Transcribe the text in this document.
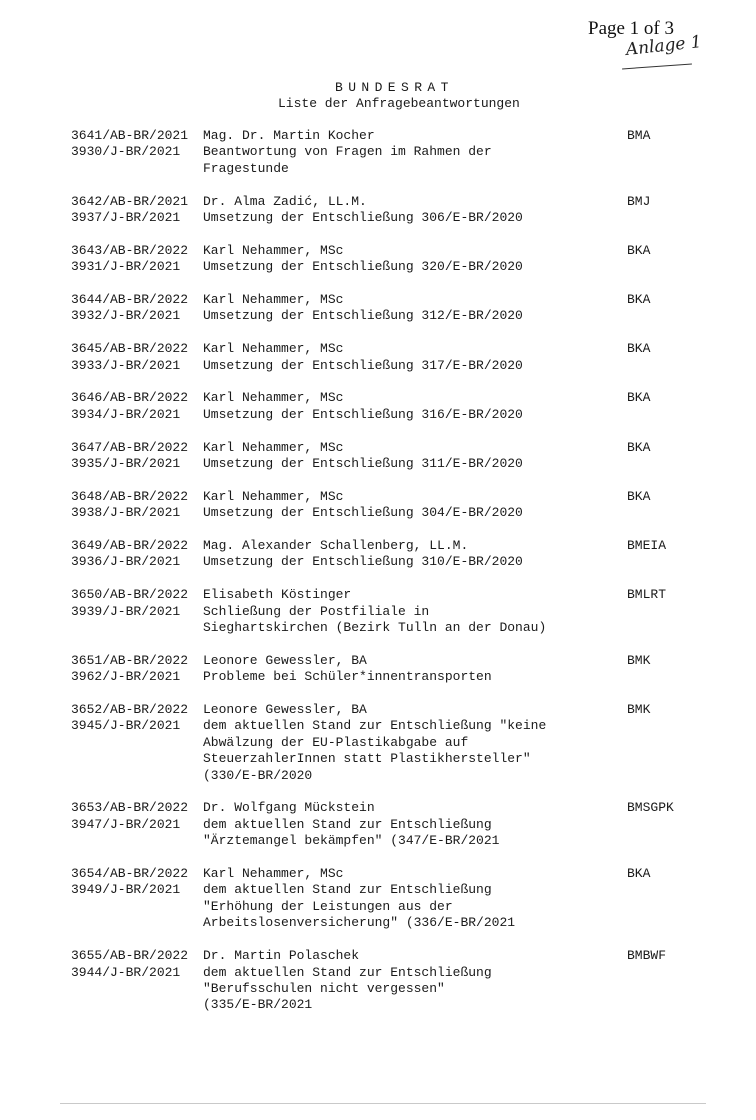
Page 1 of 3
Anlage 1
BUNDESRAT
Liste der Anfragebeantwortungen
3641/AB-BR/2021
3930/J-BR/2021
Mag. Dr. Martin Kocher
Beantwortung von Fragen im Rahmen der
Fragestunde
BMA
3642/AB-BR/2021
3937/J-BR/2021
Dr. Alma Zadić, LL.M.
Umsetzung der Entschließung 306/E-BR/2020
BMJ
3643/AB-BR/2022
3931/J-BR/2021
Karl Nehammer, MSc
Umsetzung der Entschließung 320/E-BR/2020
BKA
3644/AB-BR/2022
3932/J-BR/2021
Karl Nehammer, MSc
Umsetzung der Entschließung 312/E-BR/2020
BKA
3645/AB-BR/2022
3933/J-BR/2021
Karl Nehammer, MSc
Umsetzung der Entschließung 317/E-BR/2020
BKA
3646/AB-BR/2022
3934/J-BR/2021
Karl Nehammer, MSc
Umsetzung der Entschließung 316/E-BR/2020
BKA
3647/AB-BR/2022
3935/J-BR/2021
Karl Nehammer, MSc
Umsetzung der Entschließung 311/E-BR/2020
BKA
3648/AB-BR/2022
3938/J-BR/2021
Karl Nehammer, MSc
Umsetzung der Entschließung 304/E-BR/2020
BKA
3649/AB-BR/2022
3936/J-BR/2021
Mag. Alexander Schallenberg, LL.M.
Umsetzung der Entschließung 310/E-BR/2020
BMEIA
3650/AB-BR/2022
3939/J-BR/2021
Elisabeth Köstinger
Schließung der Postfiliale in
Sieghartskirchen (Bezirk Tulln an der Donau)
BMLRT
3651/AB-BR/2022
3962/J-BR/2021
Leonore Gewessler, BA
Probleme bei Schüler*innentransporten
BMK
3652/AB-BR/2022
3945/J-BR/2021
Leonore Gewessler, BA
dem aktuellen Stand zur Entschließung "keine
Abwälzung der EU-Plastikabgabe auf
SteuerzahlerInnen statt Plastikhersteller"
(330/E-BR/2020
BMK
3653/AB-BR/2022
3947/J-BR/2021
Dr. Wolfgang Mückstein
dem aktuellen Stand zur Entschließung
"Ärztemangel bekämpfen" (347/E-BR/2021
BMSGPK
3654/AB-BR/2022
3949/J-BR/2021
Karl Nehammer, MSc
dem aktuellen Stand zur Entschließung
"Erhöhung der Leistungen aus der
Arbeitslosenversicherung" (336/E-BR/2021
BKA
3655/AB-BR/2022
3944/J-BR/2021
Dr. Martin Polaschek
dem aktuellen Stand zur Entschließung
"Berufsschulen nicht vergessen"
(335/E-BR/2021
BMBWF
